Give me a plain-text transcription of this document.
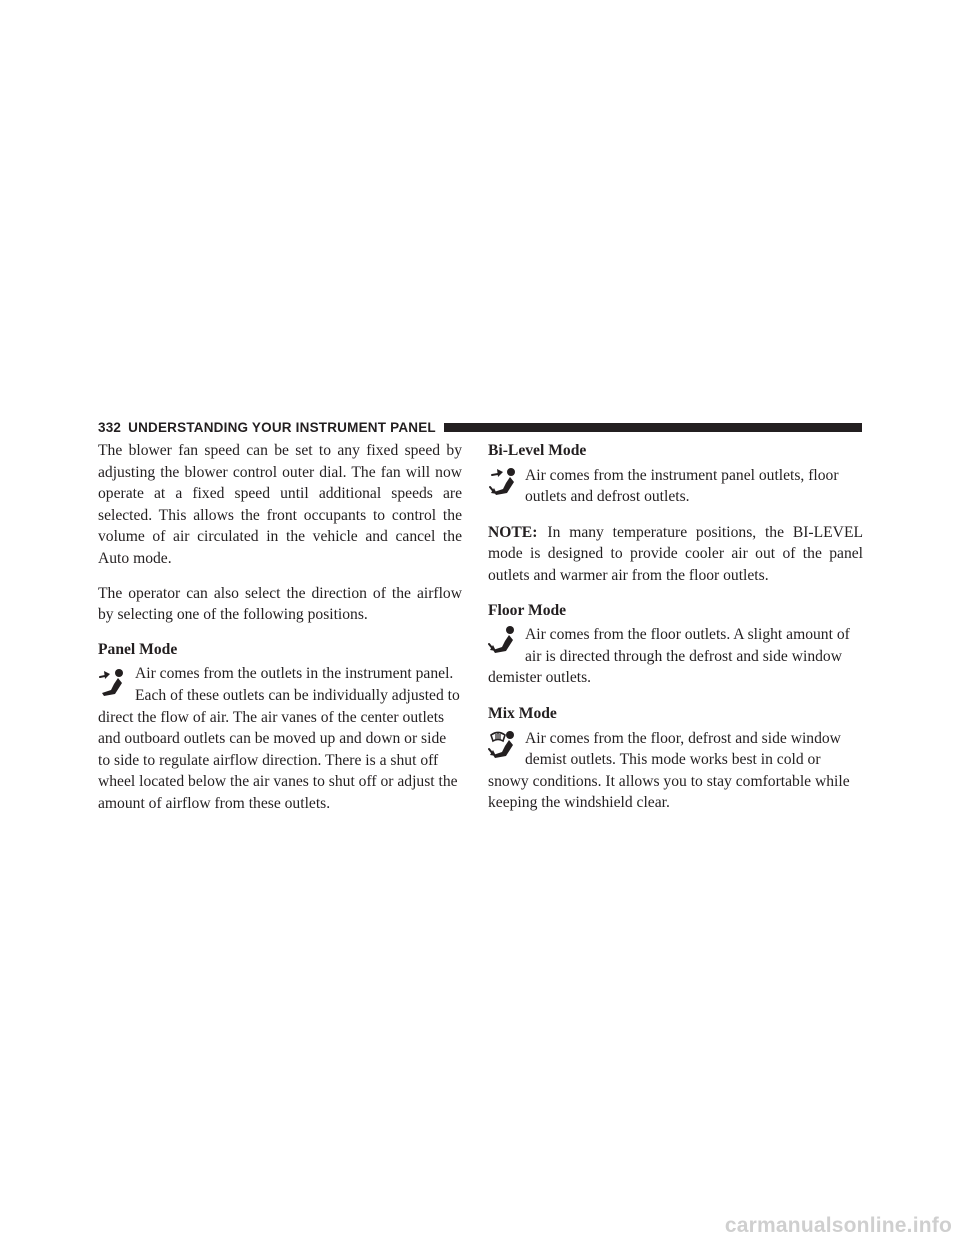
332 UNDERSTANDING YOUR INSTRUMENT PANEL

The blower fan speed can be set to any fixed speed by adjusting the blower control outer dial. The fan will now operate at a fixed speed until additional speeds are selected. This allows the front occupants to control the volume of air circulated in the vehicle and cancel the Auto mode.

The operator can also select the direction of the airflow by selecting one of the following positions.

Panel Mode
Air comes from the outlets in the instrument panel. Each of these outlets can be individually adjusted to direct the flow of air. The air vanes of the center outlets and outboard outlets can be moved up and down or side to side to regulate airflow direction. There is a shut off wheel located below the air vanes to shut off or adjust the amount of airflow from these outlets.
Bi-Level Mode
Air comes from the instrument panel outlets, floor outlets and defrost outlets.

NOTE: In many temperature positions, the BI-LEVEL mode is designed to provide cooler air out of the panel outlets and warmer air from the floor outlets.

Floor Mode
Air comes from the floor outlets. A slight amount of air is directed through the defrost and side window demister outlets.
Mix Mode
Air comes from the floor, defrost and side window demist outlets. This mode works best in cold or snowy conditions. It allows you to stay comfortable while keeping the windshield clear.
carmanualsonline.info
